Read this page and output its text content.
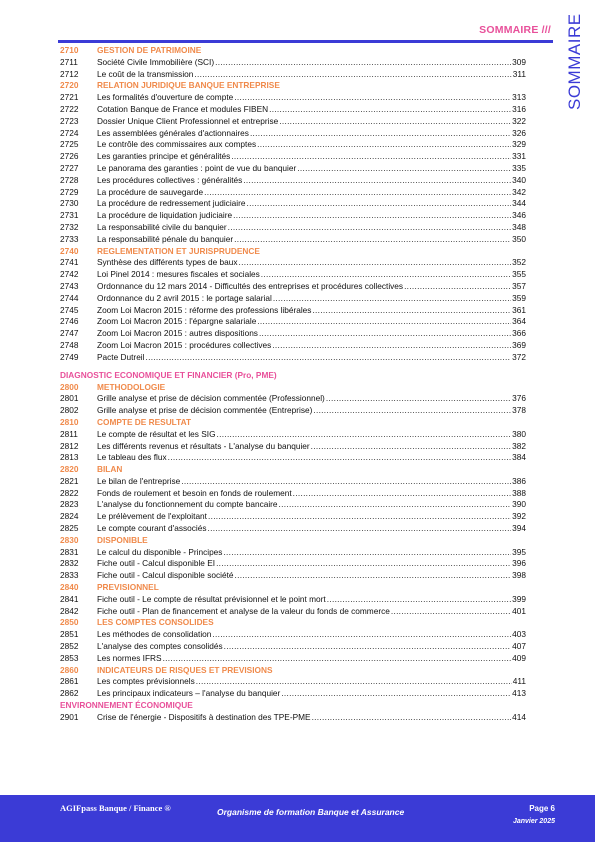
SOMMAIRE /// SOMMAIRE
2710	GESTION DE PATRIMOINE
2711	Société Civile Immobilière (SCI) .....	309
2712	Le coût de la transmission .....	311
2720	RELATION JURIDIQUE BANQUE ENTREPRISE
2721	Les formalités d'ouverture de compte .....	313
2722	Cotation Banque de France et modules FIBEN .....	316
2723	Dossier Unique Client Professionnel et entreprise .....	322
2724	Les assemblées générales d'actionnaires .....	326
2725	Le contrôle des commissaires aux comptes .....	329
2726	Les garanties principe et généralités .....	331
2727	Le panorama des garanties : point de vue du banquier .....	335
2728	Les procédures collectives : généralités .....	340
2729	La procédure de sauvegarde .....	342
2730	La procédure de redressement judiciaire .....	344
2731	La procédure de liquidation judiciaire .....	346
2732	La responsabilité civile du banquier .....	348
2733	La responsabilité pénale du banquier .....	350
2740	REGLEMENTATION ET JURISPRUDENCE
2741	Synthèse des différents types de baux .....	352
2742	Loi Pinel 2014 : mesures fiscales et sociales .....	355
2743	Ordonnance du 12 mars 2014 - Difficultés des entreprises et procédures collectives .....	357
2744	Ordonnance du 2 avril 2015 : le portage salarial .....	359
2745	Zoom Loi Macron 2015 : réforme des professions libérales .....	361
2746	Zoom Loi Macron 2015 : l'épargne salariale .....	364
2747	Zoom Loi Macron 2015 : autres dispositions .....	366
2748	Zoom Loi Macron 2015 : procédures collectives .....	369
2749	Pacte Dutreil .....	372
DIAGNOSTIC ECONOMIQUE ET FINANCIER (Pro, PME)
2800	METHODOLOGIE
2801	Grille analyse et prise de décision commentée (Professionnel) .....	376
2802	Grille analyse et prise de décision commentée (Entreprise) .....	378
2810	COMPTE DE RESULTAT
2811	Le compte de résultat et les SIG .....	380
2812	Les différents revenus et résultats - L'analyse du banquier .....	382
2813	Le tableau des flux .....	384
2820	BILAN
2821	Le bilan de l'entreprise .....	386
2822	Fonds de roulement et besoin en fonds de roulement .....	388
2823	L'analyse du fonctionnement du compte bancaire .....	390
2824	Le prélèvement de l'exploitant .....	392
2825	Le compte courant d'associés .....	394
2830	DISPONIBLE
2831	Le calcul du disponible - Principes .....	395
2832	Fiche outil - Calcul disponible EI .....	396
2833	Fiche outil - Calcul disponible société .....	398
2840	PREVISIONNEL
2841	Fiche outil - Le compte de résultat prévisionnel et le point mort .....	399
2842	Fiche outil - Plan de financement et analyse de la valeur du fonds de commerce .....	401
2850	LES COMPTES CONSOLIDES
2851	Les méthodes de consolidation .....	403
2852	L'analyse des comptes consolidés .....	407
2853	Les normes IFRS .....	409
2860	INDICATEURS DE RISQUES ET PREVISIONS
2861	Les comptes prévisionnels .....	411
2862	Les principaux indicateurs – l'analyse du banquier .....	413
ENVIRONNEMENT ÉCONOMIQUE
2901	Crise de l'énergie - Dispositifs à destination des TPE-PME .....	414
AGIFpass Banque / Finance ®	Organisme de formation Banque et Assurance	Page 6
Janvier 2025
